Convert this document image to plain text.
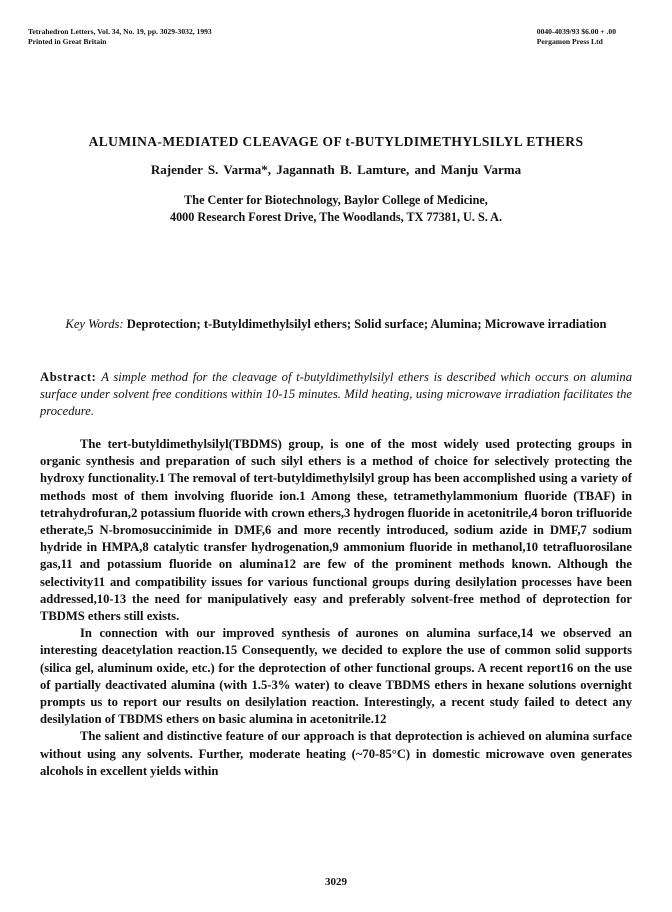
Tetrahedron Letters, Vol. 34, No. 19, pp. 3029-3032, 1993
Printed in Great Britain
0040-4039/93 $6.00 + .00
Pergamon Press Ltd
ALUMINA-MEDIATED CLEAVAGE OF t-BUTYLDIMETHYLSILYL ETHERS
Rajender S. Varma*, Jagannath B. Lamture, and Manju Varma
The Center for Biotechnology, Baylor College of Medicine,
4000 Research Forest Drive, The Woodlands, TX 77381, U. S. A.
Key Words: Deprotection; t-Butyldimethylsilyl ethers; Solid surface; Alumina; Microwave irradiation
Abstract: A simple method for the cleavage of t-butyldimethylsilyl ethers is described which occurs on alumina surface under solvent free conditions within 10-15 minutes. Mild heating, using microwave irradiation facilitates the procedure.

The tert-butyldimethylsilyl(TBDMS) group, is one of the most widely used protecting groups in organic synthesis and preparation of such silyl ethers is a method of choice for selectively protecting the hydroxy functionality.1 The removal of tert-butyldimethylsilyl group has been accomplished using a variety of methods most of them involving fluoride ion.1 Among these, tetramethylammonium fluoride (TBAF) in tetrahydrofuran,2 potassium fluoride with crown ethers,3 hydrogen fluoride in acetonitrile,4 boron trifluoride etherate,5 N-bromosuccinimide in DMF,6 and more recently introduced, sodium azide in DMF,7 sodium hydride in HMPA,8 catalytic transfer hydrogenation,9 ammonium fluoride in methanol,10 tetrafluorosilane gas,11 and potassium fluoride on alumina12 are few of the prominent methods known. Although the selectivity11 and compatibility issues for various functional groups during desilylation processes have been addressed,10-13 the need for manipulatively easy and preferably solvent-free method of deprotection for TBDMS ethers still exists.

In connection with our improved synthesis of aurones on alumina surface,14 we observed an interesting deacetylation reaction.15 Consequently, we decided to explore the use of common solid supports (silica gel, aluminum oxide, etc.) for the deprotection of other functional groups. A recent report16 on the use of partially deactivated alumina (with 1.5-3% water) to cleave TBDMS ethers in hexane solutions overnight prompts us to report our results on desilylation reaction. Interestingly, a recent study failed to detect any desilylation of TBDMS ethers on basic alumina in acetonitrile.12

The salient and distinctive feature of our approach is that deprotection is achieved on alumina surface without using any solvents. Further, moderate heating (~70-85°C) in domestic microwave oven generates alcohols in excellent yields within

3029
